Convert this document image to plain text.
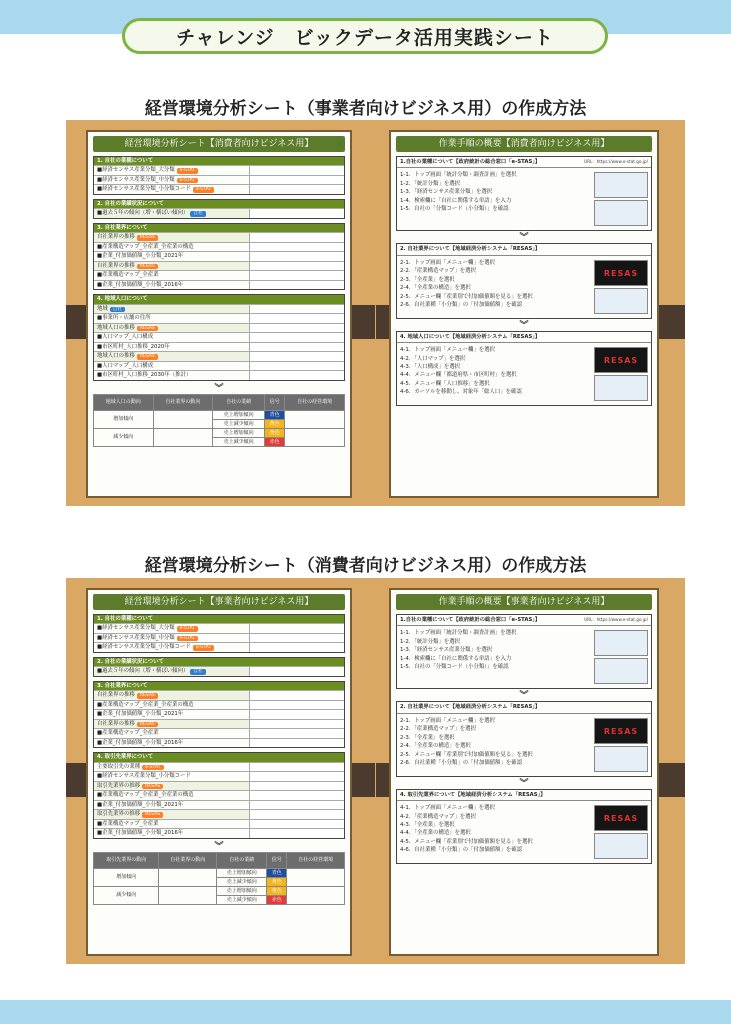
チャレンジ　ビックデータ活用実践シート
経営環境分析シート（事業者向けビジネス用）の作成方法
経営環境分析シート【消費者向けビジネス用】
1. 自社の業種について
■経済センサス産業分類_大分類 e-STAT
■経済センサス産業分類_中分類 e-STAT
■経済センサス産業分類_小分類コード e-STAT
2. 自社の業績状況について
■過去５年の傾向（増・横ばい傾向） 自社
3. 自社業界について
自社業界の推移 RESAS
■産業構造マップ_全産業_全産業の構造
■企業_付加価値額_小分類_2021年
自社業界の推移 RESAS
■産業構造マップ_全産業
■企業_付加価値額_小分類_2016年
4. 地域人口について
地域 自社
■事業所・店舗の住所
地域人口の推移 RESAS
■人口マップ_人口構成
■市区町村_人口推移_2020年
地域人口の推移 RESAS
■人口マップ_人口構成
■市区町村_人口推移_2030年（推計）
︾
地域人口の動向	自社業界の動向	自社の業績	信号	自社の経営環境
増加傾向		売上増加傾向	青色	
		売上減少傾向	黄色	
減少傾向		売上増加傾向	黄色	
		売上減少傾向	赤色	
作業手順の概要【消費者向けビジネス用】
URL：https://www.e-stat.go.jp/
1.自社の業種について【政府統計の総合窓口「e-STAS」】
1-1．トップ画面「統計分類・調査計画」を選択
1-2．「統計分類」を選択
1-3．「経済センサス産業分類」を選択
1-4．検索欄に「自社に関係する単語」を入力
1-5．自社の「分類コード（小分類）」を確認
︾
2. 自社業界について【地域経済分析システム「RESAS」】
2-1．トップ画面「メニュー欄」を選択
2-2．「産業構造マップ」を選択
2-3．「全産業」を選択
2-4．「全産業の構造」を選択
2-5．メニュー欄「産業別で付加価値額を見る」を選択
2-6．自社業種「小分類」の「付加価値額」を確認
RESAS
︾
4. 地域人口について【地域経済分析システム「RESAS」】
4-1．トップ画面「メニュー欄」を選択
4-2．「人口マップ」を選択
4-3．「人口構成」を選択
4-4．メニュー欄「都道府県・市区町村」を選択
4-5．メニュー欄「人口推移」を選択
4-6．カーソルを移動し、対象年「総人口」を確認
RESAS
経営環境分析シート（消費者向けビジネス用）の作成方法
経営環境分析シート【事業者向けビジネス用】
1. 自社の業種について
■経済センサス産業分類_大分類 e-STAT
■経済センサス産業分類_中分類 e-STAT
■経済センサス産業分類_小分類コード e-STAT
2. 自社の業績状況について
■過去５年の傾向（増・横ばい傾向） 自社
3. 自社業界について
自社業界の推移 RESAS
■産業構造マップ_全産業_全産業の構造
■企業_付加価値額_小分類_2021年
自社業界の推移 RESAS
■産業構造マップ_全産業
■企業_付加価値額_小分類_2016年
4. 取引先業界について
主要取引先の業種 e-STAT
■経済センサス産業分類_小分類コード
取引先業界の推移 RESAS
■産業構造マップ_全産業_全産業の構造
■企業_付加価値額_小分類_2021年
取引先業界の推移 RESAS
■産業構造マップ_全産業
■企業_付加価値額_小分類_2016年
︾
取引先業界の動向	自社業界の動向	自社の業績	信号	自社の経営環境
増加傾向		売上増加傾向	青色	
		売上減少傾向	黄色	
減少傾向		売上増加傾向	黄色	
		売上減少傾向	赤色	
作業手順の概要【事業者向けビジネス用】
URL：https://www.e-stat.go.jp/
1.自社の業種について【政府統計の総合窓口「e-STAS」】
1-1．トップ画面「統計分類・調査計画」を選択
1-2．「統計分類」を選択
1-3．「経済センサス産業分類」を選択
1-4．検索欄に「自社に関係する単語」を入力
1-5．自社の「分類コード（小分類）」を確認
︾
2. 自社業界について【地域経済分析システム「RESAS」】
2-1．トップ画面「メニュー欄」を選択
2-2．「産業構造マップ」を選択
2-3．「全産業」を選択
2-4．「全産業の構造」を選択
2-5．メニュー欄「産業別で付加価値額を見る」を選択
2-6．自社業種「小分類」の「付加価値額」を確認
RESAS
︾
4. 取引先業界について【地域経済分析システム「RESAS」】
4-1．トップ画面「メニュー欄」を選択
4-2．「産業構造マップ」を選択
4-3．「全産業」を選択
4-4．「全産業の構造」を選択
4-5．メニュー欄「産業別で付加価値額を見る」を選択
4-6．自社業種「小分類」の「付加価値額」を確認
RESAS
